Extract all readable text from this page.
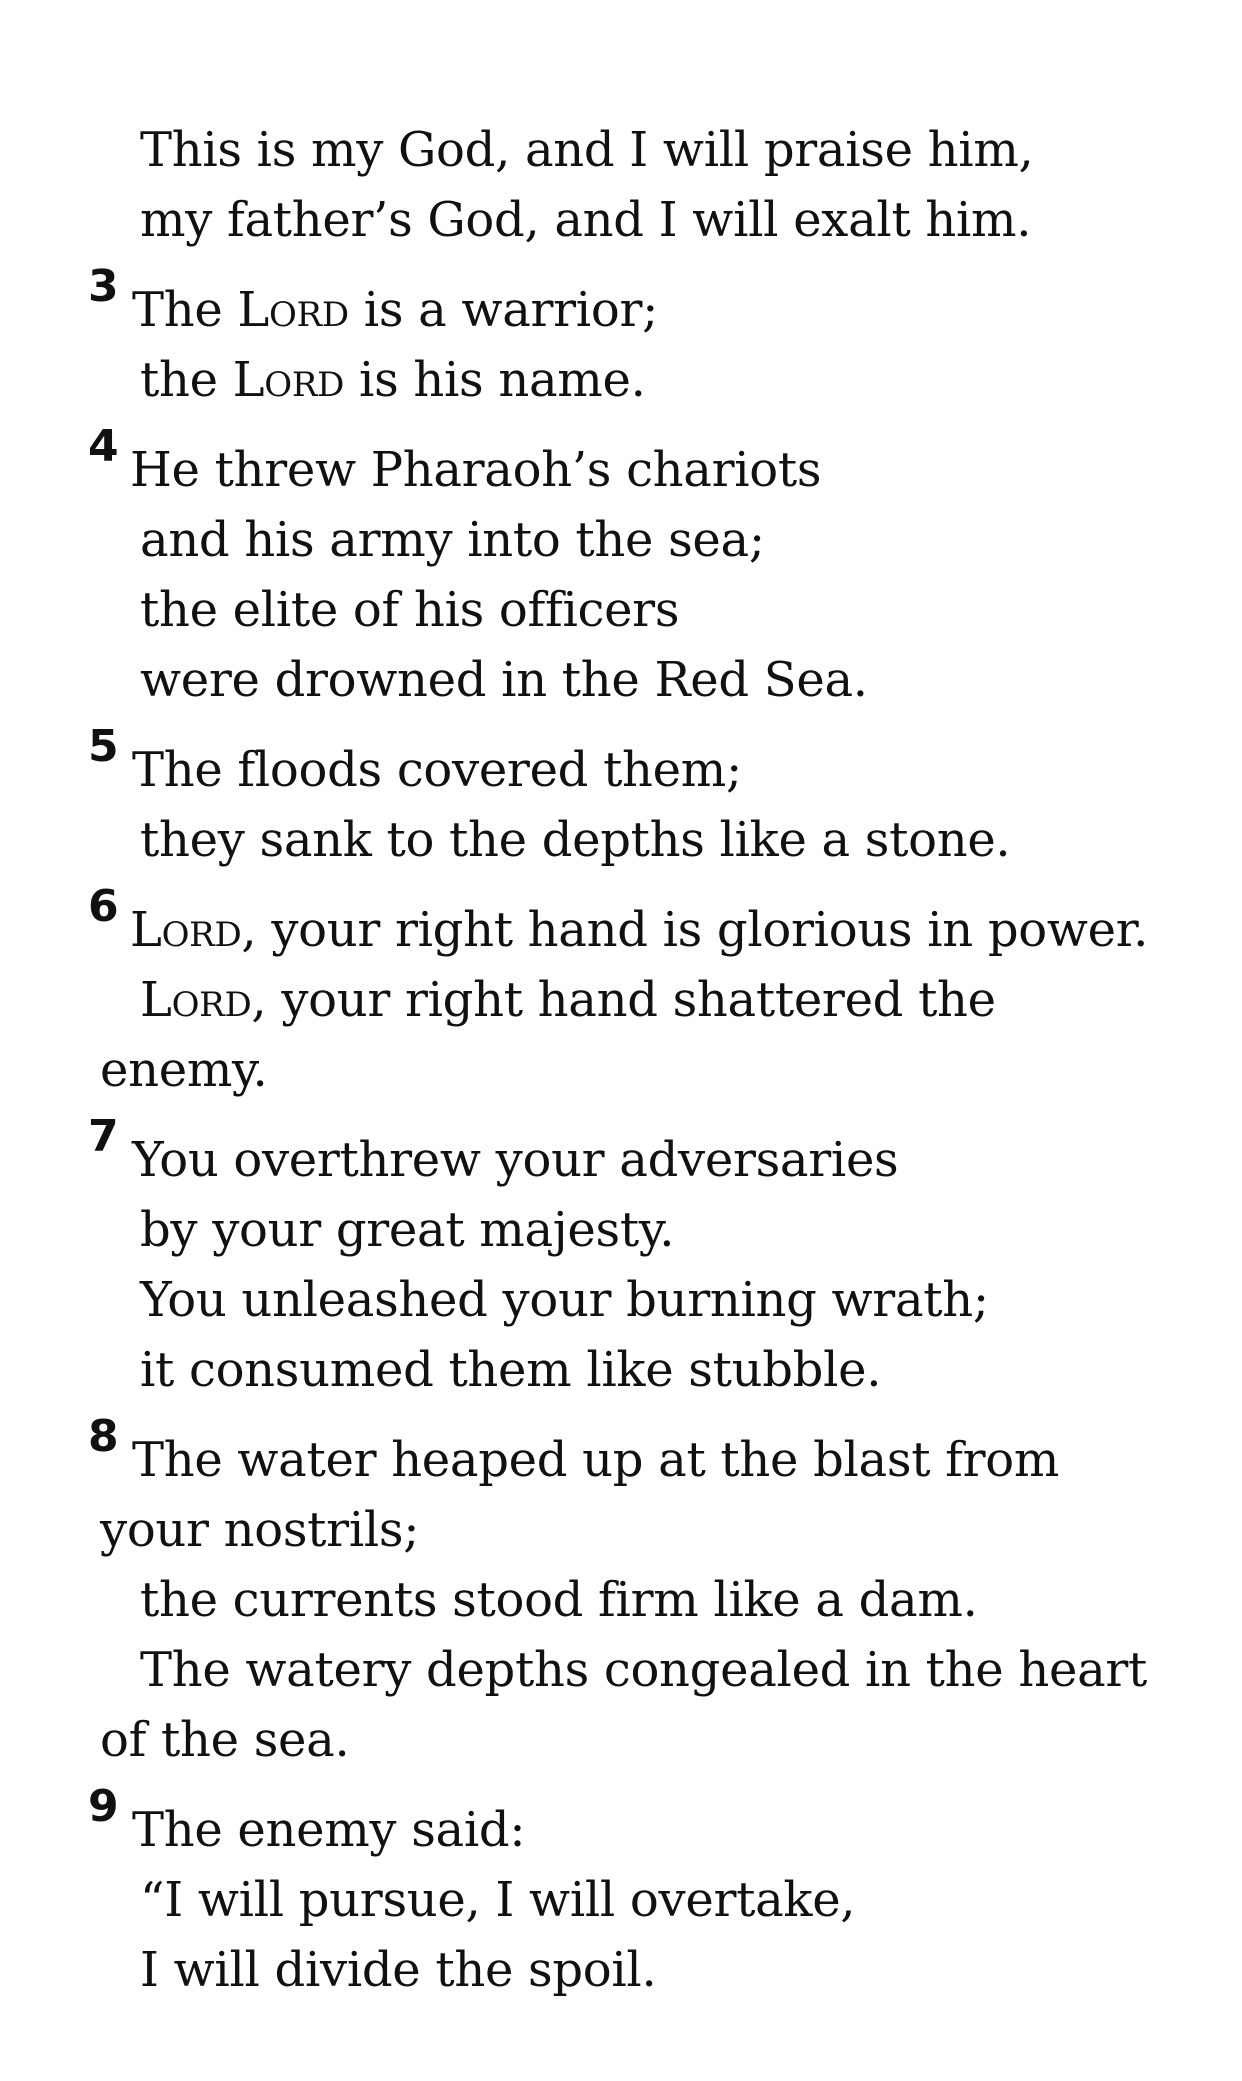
This is my God, and I will praise him,
my father’s God, and I will exalt him.
3 The Lord is a warrior;
the Lord is his name.
4 He threw Pharaoh’s chariots
and his army into the sea;
the elite of his officers
were drowned in the Red Sea.
5 The floods covered them;
they sank to the depths like a stone.
6 Lord, your right hand is glorious in power.
Lord, your right hand shattered the
enemy.
7 You overthrew your adversaries
by your great majesty.
You unleashed your burning wrath;
it consumed them like stubble.
8 The water heaped up at the blast from
your nostrils;
the currents stood firm like a dam.
The watery depths congealed in the heart
of the sea.
9 The enemy said:
“I will pursue, I will overtake,
I will divide the spoil.
